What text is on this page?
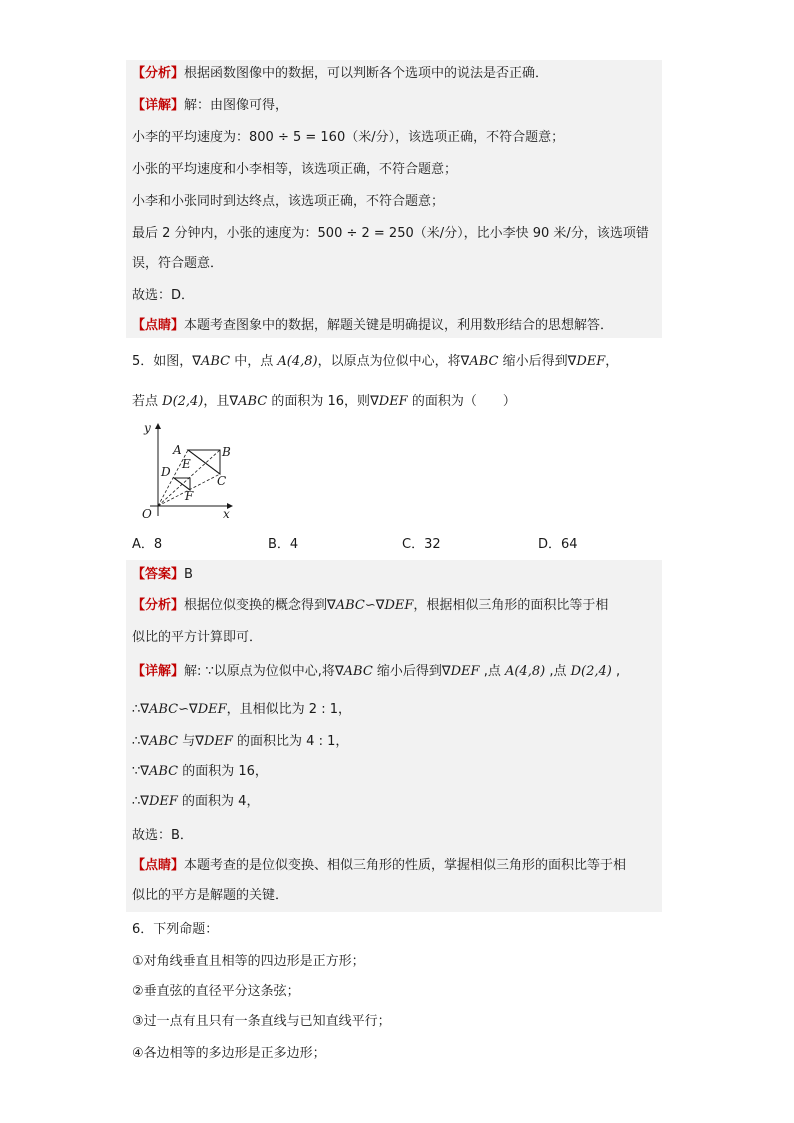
【分析】根据函数图像中的数据，可以判断各个选项中的说法是否正确．
【详解】解：由图像可得，
小李的平均速度为：800 ÷ 5 = 160（米/分），该选项正确，不符合题意；
小张的平均速度和小李相等，该选项正确，不符合题意；
小李和小张同时到达终点，该选项正确，不符合题意；
最后 2 分钟内，小张的速度为：500 ÷ 2 = 250（米/分），比小李快 90 米/分，该选项错
误，符合题意．
故选：D．
【点睛】本题考查图象中的数据，解题关键是明确提议，利用数形结合的思想解答．
5．如图，∇ABC 中，点 A(4,8)，以原点为位似中心，将∇ABC 缩小后得到∇DEF，
若点 D(2,4)，且∇ABC 的面积为 16，则∇DEF 的面积为（　　）
y
x
O
A	B
C
D
E
F
A．8	B．4	C．32	D．64
【答案】B
【分析】根据位似变换的概念得到∇ABC∽∇DEF，根据相似三角形的面积比等于相
似比的平方计算即可．
【详解】解: ∵以原点为位似中心,将∇ABC 缩小后得到∇DEF ,点 A(4,8) ,点 D(2,4) ,
∴∇ABC∽∇DEF，且相似比为 2 : 1，
∴∇ABC 与∇DEF 的面积比为 4 : 1，
∵∇ABC 的面积为 16，
∴∇DEF 的面积为 4，
故选：B．
【点睛】本题考查的是位似变换、相似三角形的性质，掌握相似三角形的面积比等于相
似比的平方是解题的关键．
6．下列命题：
①对角线垂直且相等的四边形是正方形；
②垂直弦的直径平分这条弦；
③过一点有且只有一条直线与已知直线平行；
④各边相等的多边形是正多边形；
